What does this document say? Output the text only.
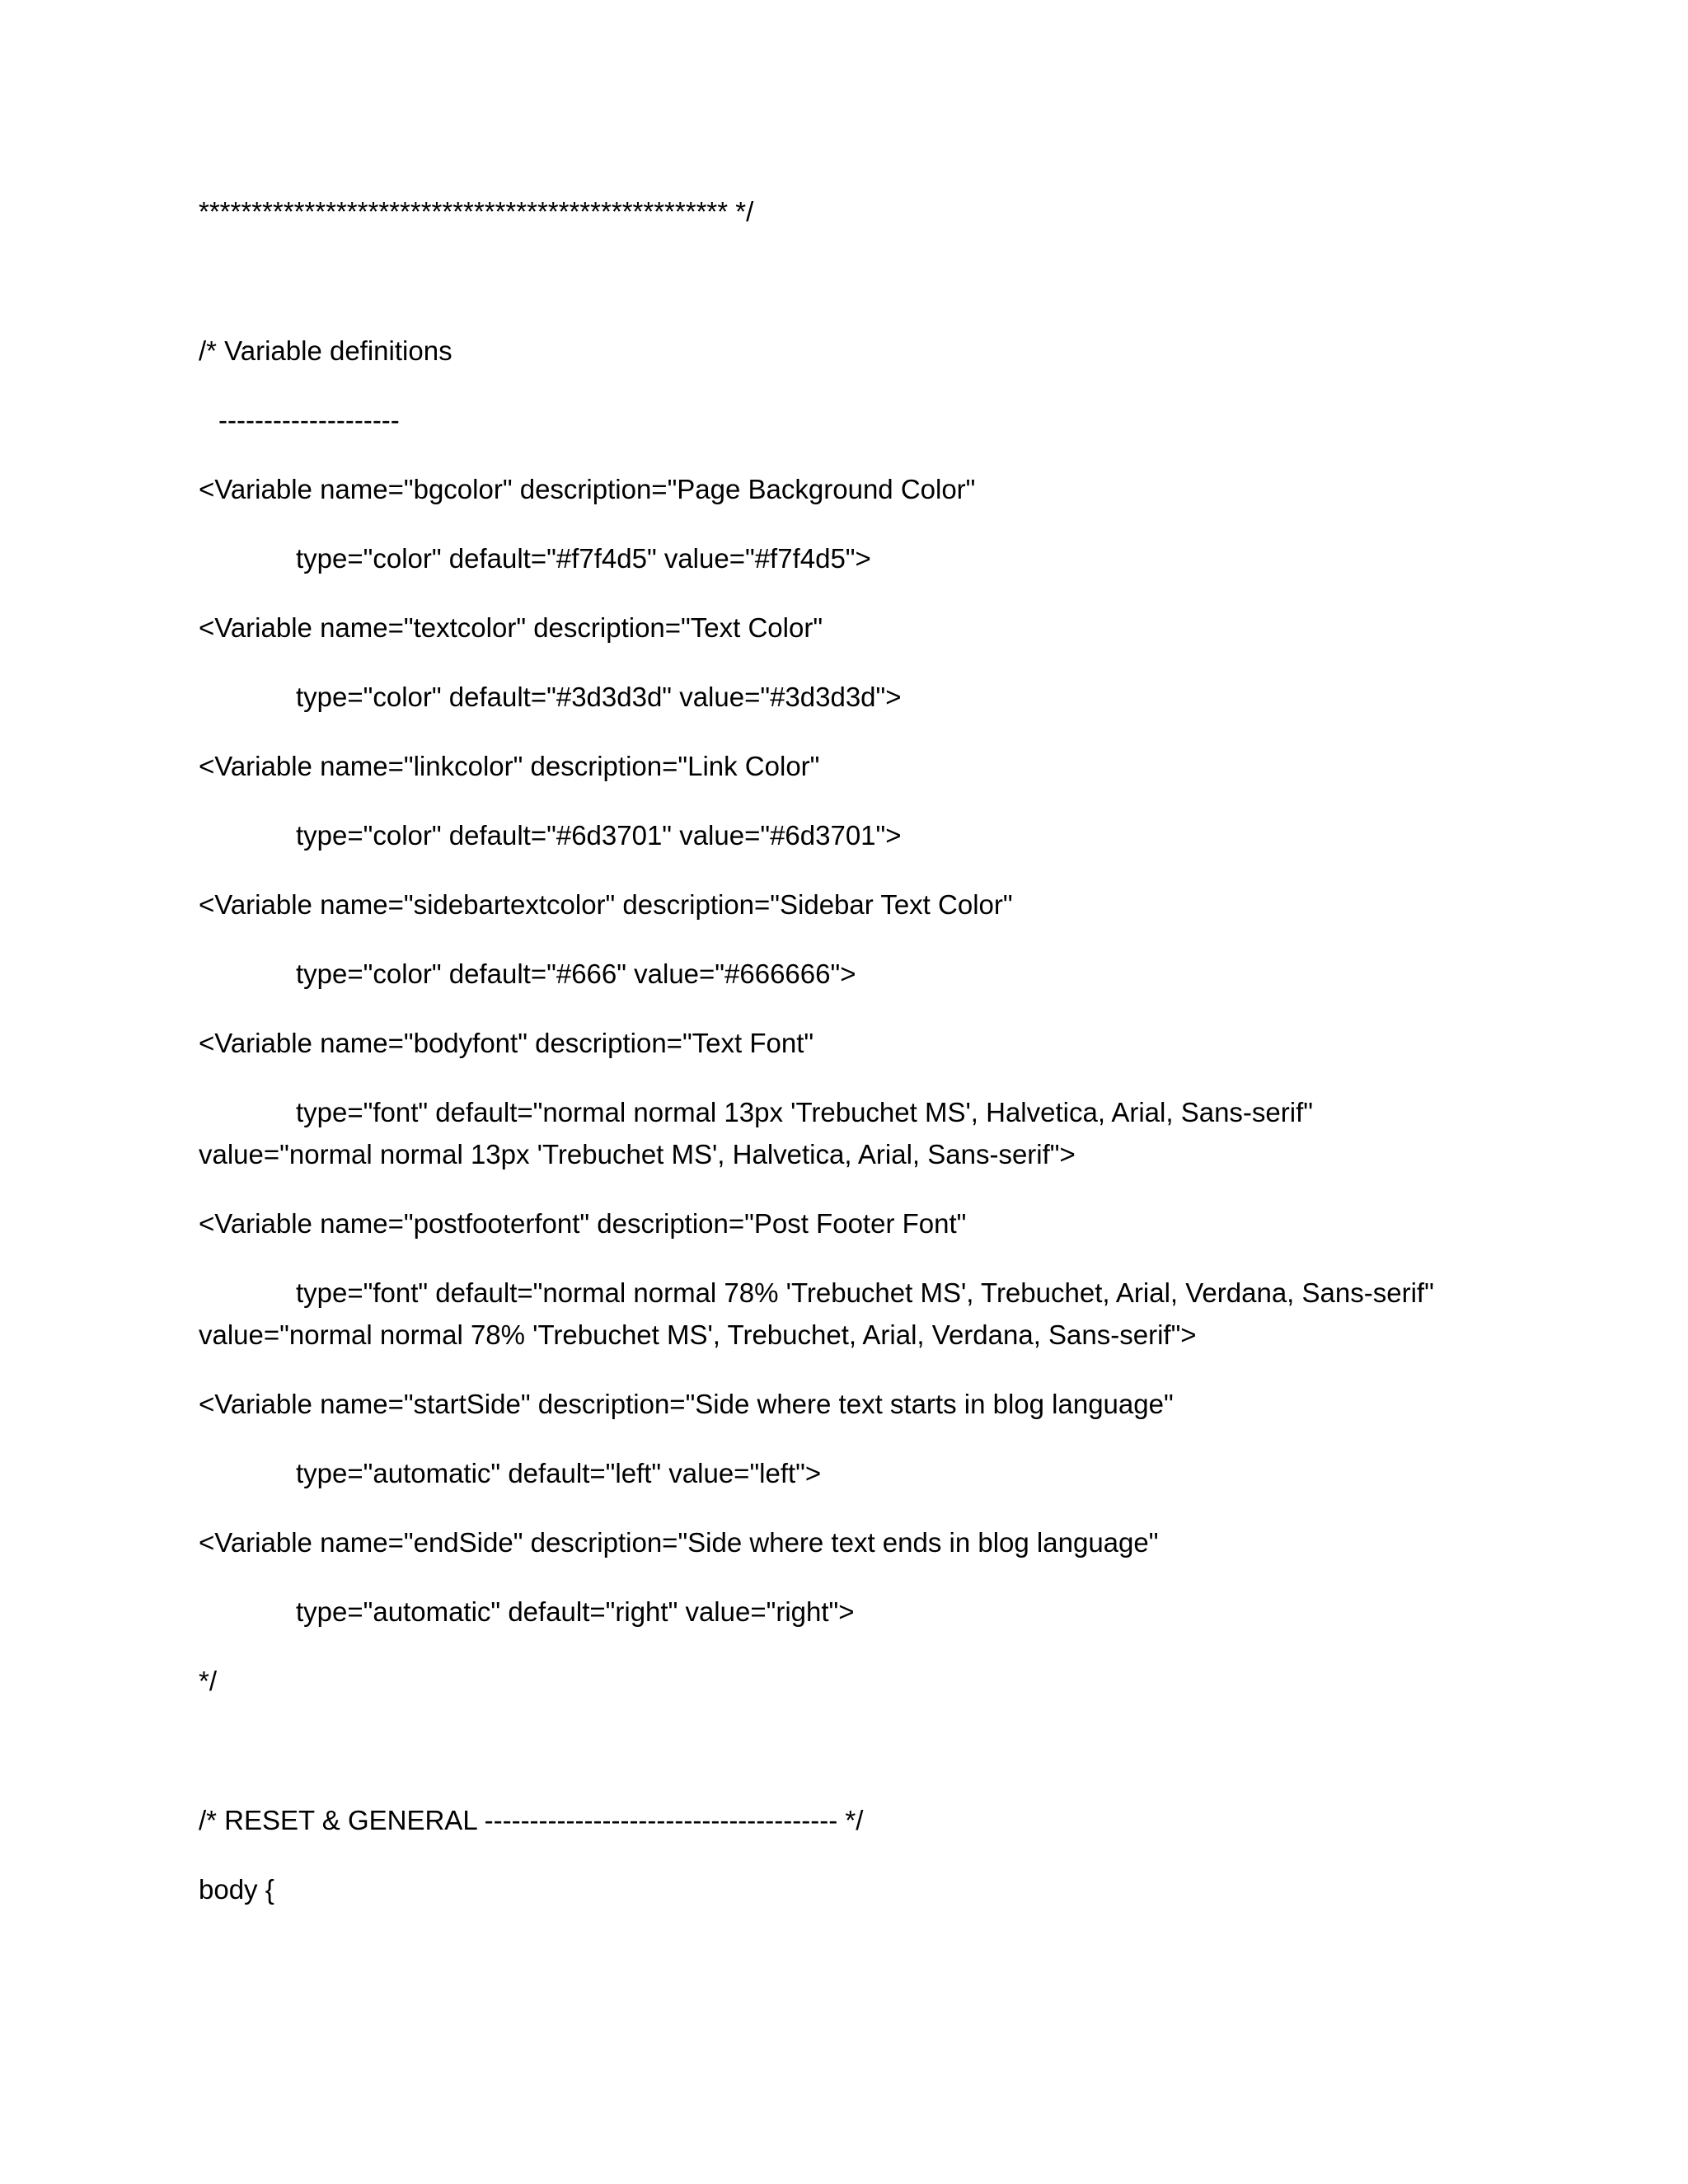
************************************************** */

/* Variable definitions

--------------------

<Variable name="bgcolor" description="Page Background Color"

type="color" default="#f7f4d5" value="#f7f4d5">

<Variable name="textcolor" description="Text Color"

type="color" default="#3d3d3d" value="#3d3d3d">

<Variable name="linkcolor" description="Link Color"

type="color" default="#6d3701" value="#6d3701">

<Variable name="sidebartextcolor" description="Sidebar Text Color"

type="color" default="#666" value="#666666">

<Variable name="bodyfont" description="Text Font"

type="font" default="normal normal 13px 'Trebuchet MS', Halvetica, Arial, Sans-serif"

value="normal normal 13px 'Trebuchet MS', Halvetica, Arial, Sans-serif">

<Variable name="postfooterfont" description="Post Footer Font"

type="font" default="normal normal 78% 'Trebuchet MS', Trebuchet, Arial, Verdana, Sans-serif"

value="normal normal 78% 'Trebuchet MS', Trebuchet, Arial, Verdana, Sans-serif">

<Variable name="startSide" description="Side where text starts in blog language"

type="automatic" default="left" value="left">

<Variable name="endSide" description="Side where text ends in blog language"

type="automatic" default="right" value="right">

*/

/* RESET & GENERAL --------------------------------------- */

body {
